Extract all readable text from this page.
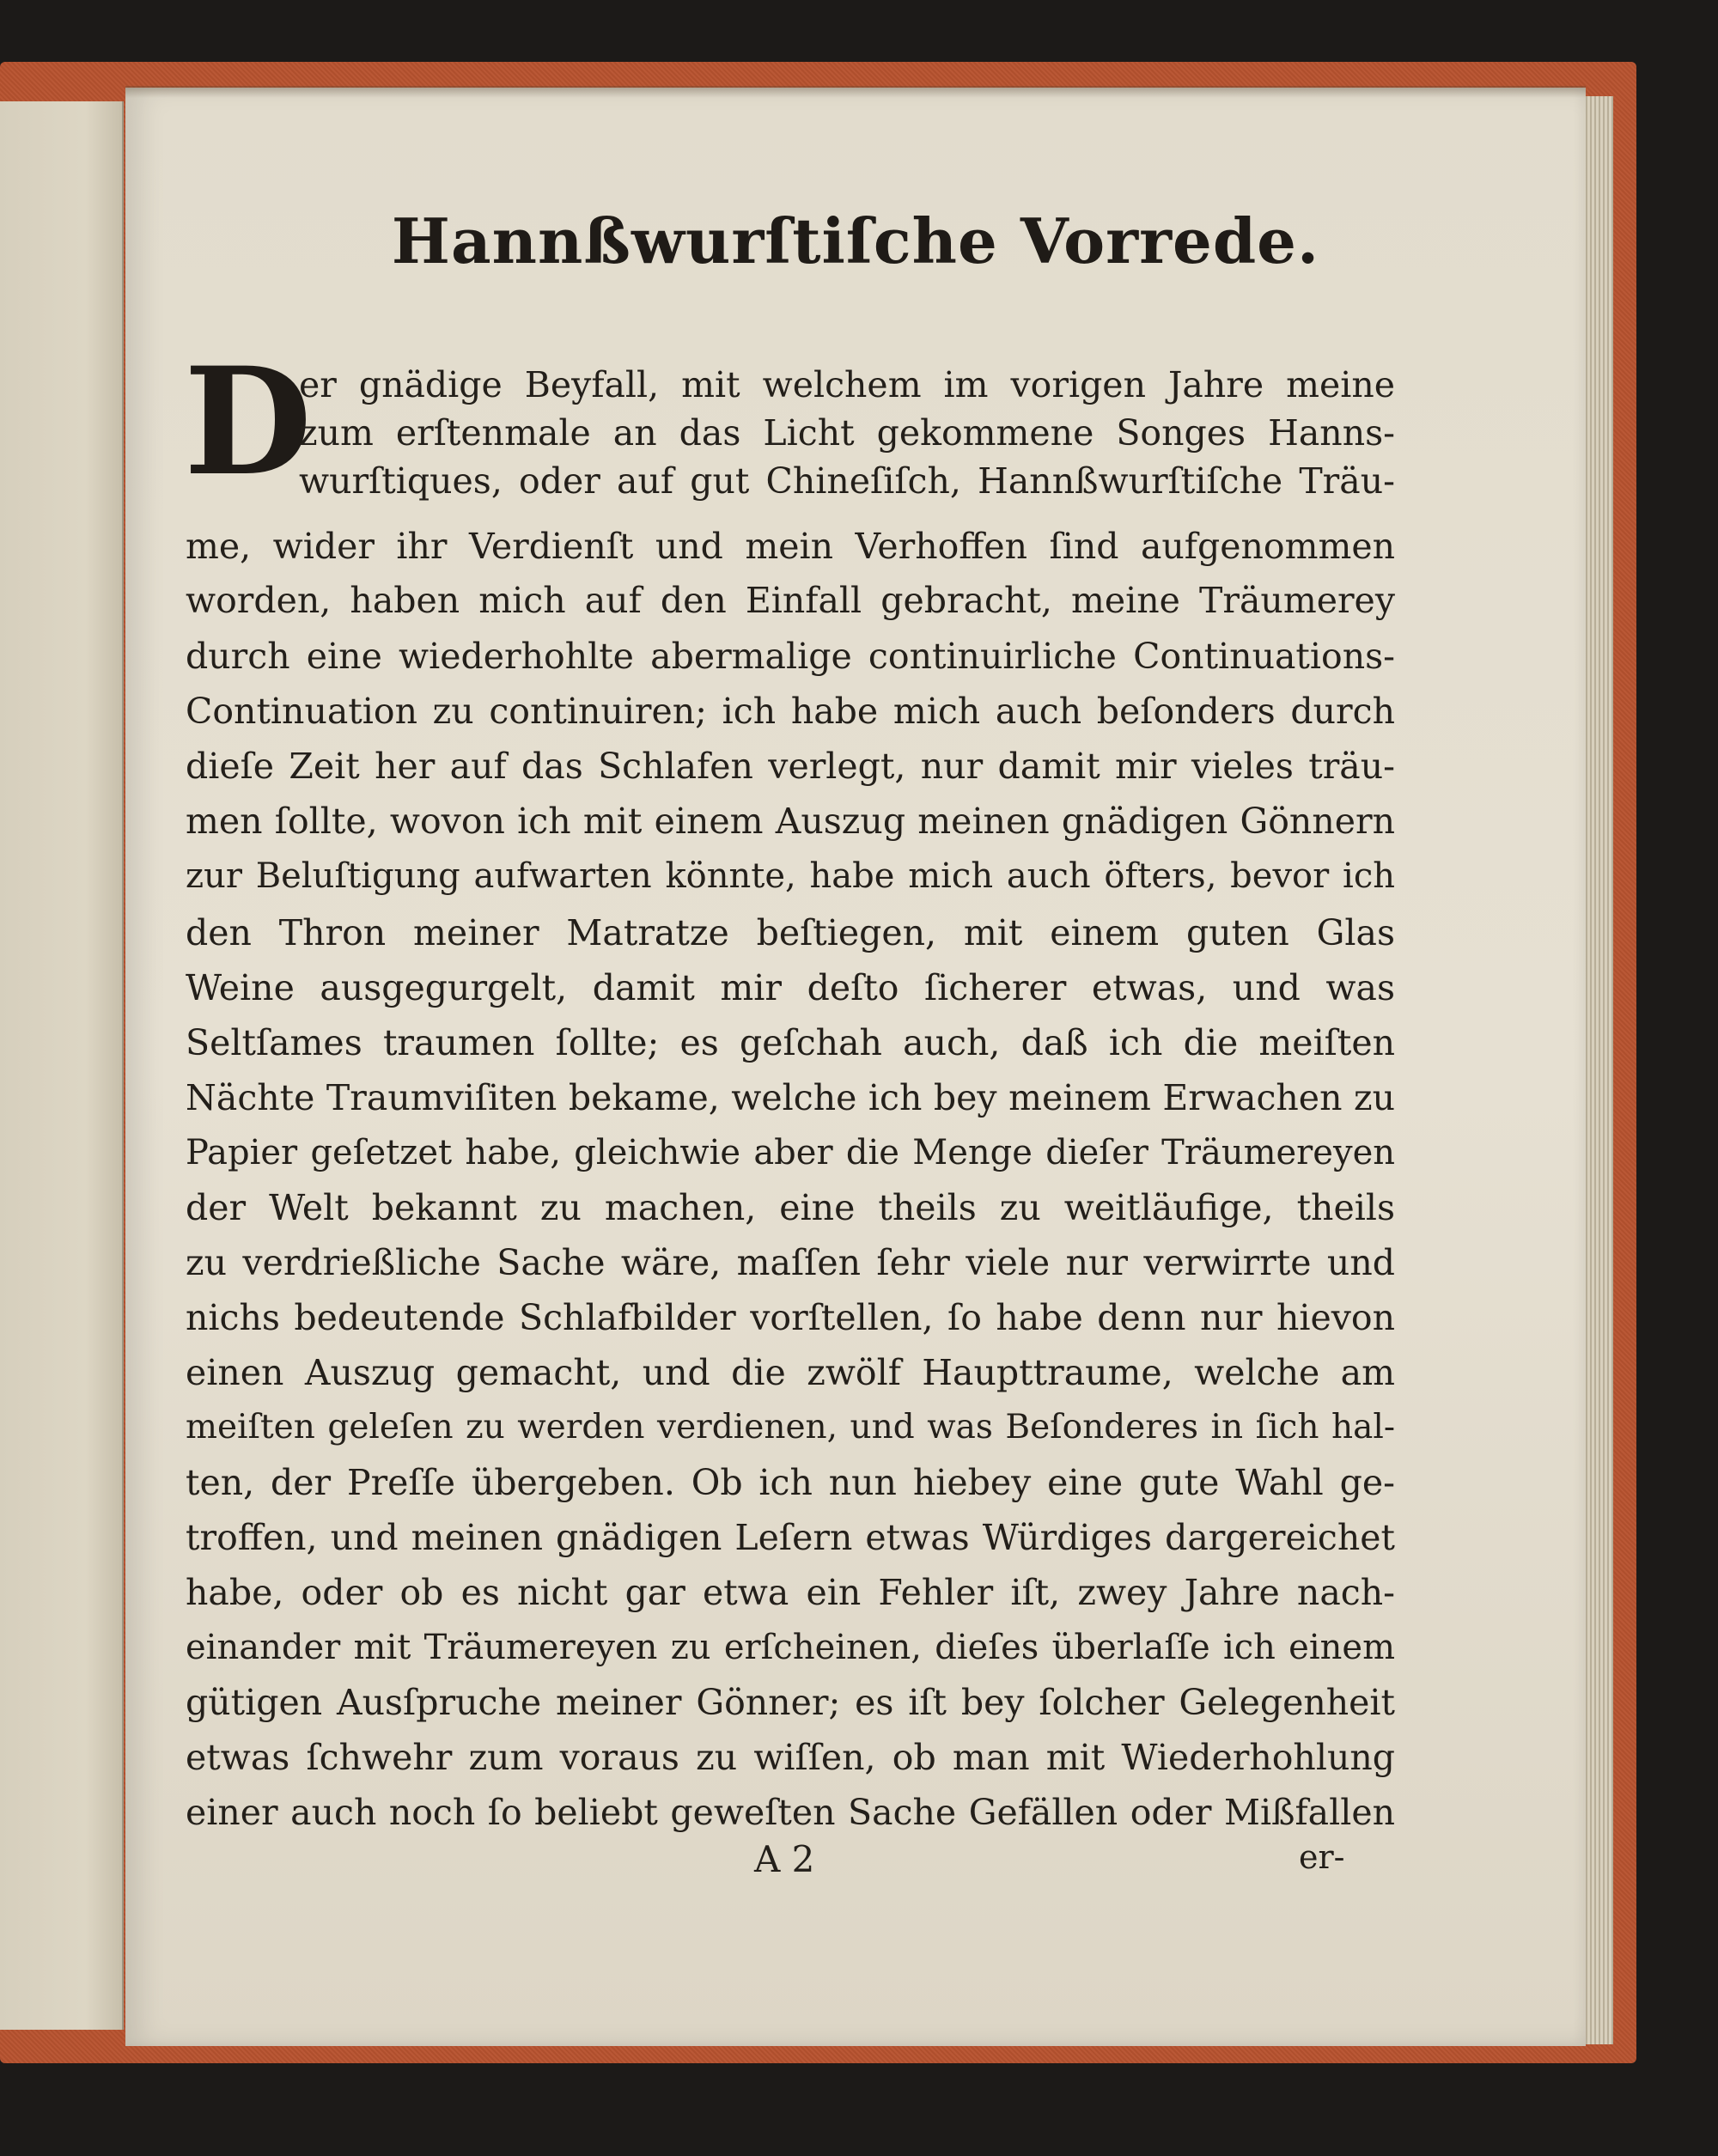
Hannßwurſtiſche Vorrede.
D
er gnädige Beyfall, mit welchem im vorigen Jahre meine
zum erſtenmale an das Licht gekommene Songes Hanns-
wurſtiques, oder auf gut Chineſiſch, Hannßwurſtiſche Träu-
me, wider ihr Verdienſt und mein Verhoffen ſind aufgenommen
worden, haben mich auf den Einfall gebracht, meine Träumerey
durch eine wiederhohlte abermalige continuirliche Continuations-
Continuation zu continuiren; ich habe mich auch beſonders durch
dieſe Zeit her auf das Schlafen verlegt, nur damit mir vieles träu-
men ſollte, wovon ich mit einem Auszug meinen gnädigen Gönnern
zur Beluſtigung aufwarten könnte, habe mich auch öfters, bevor ich
den Thron meiner Matratze beſtiegen, mit einem guten Glas
Weine ausgegurgelt, damit mir deſto ſicherer etwas, und was
Seltſames traumen ſollte; es geſchah auch, daß ich die meiſten
Nächte Traumviſiten bekame, welche ich bey meinem Erwachen zu
Papier geſetzet habe, gleichwie aber die Menge dieſer Träumereyen
der Welt bekannt zu machen, eine theils zu weitläufige, theils
zu verdrießliche Sache wäre, maſſen ſehr viele nur verwirrte und
nichs bedeutende Schlafbilder vorſtellen, ſo habe denn nur hievon
einen Auszug gemacht, und die zwölf Haupttraume, welche am
meiſten geleſen zu werden verdienen, und was Beſonderes in ſich hal-
ten, der Preſſe übergeben. Ob ich nun hiebey eine gute Wahl ge-
troffen, und meinen gnädigen Leſern etwas Würdiges dargereichet
habe, oder ob es nicht gar etwa ein Fehler iſt, zwey Jahre nach-
einander mit Träumereyen zu erſcheinen, dieſes überlaſſe ich einem
gütigen Ausſpruche meiner Gönner; es iſt bey ſolcher Gelegenheit
etwas ſchwehr zum voraus zu wiſſen, ob man mit Wiederhohlung
einer auch noch ſo beliebt geweſten Sache Gefällen oder Mißfallen
A 2	er-
